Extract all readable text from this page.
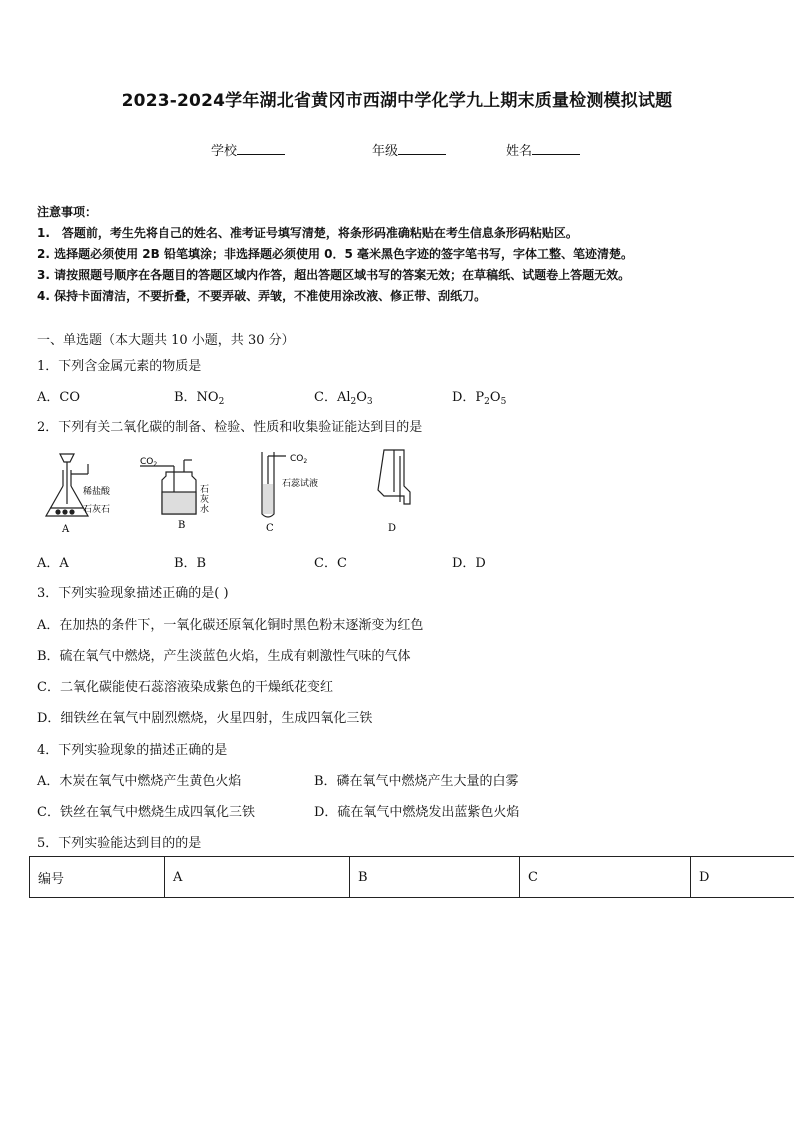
2023-2024学年湖北省黄冈市西湖中学化学九上期末质量检测模拟试题
学校	年级	姓名
注意事项：
1.　答题前，考生先将自己的姓名、准考证号填写清楚，将条形码准确粘贴在考生信息条形码粘贴区。
2. 选择题必须使用 2B 铅笔填涂；非选择题必须使用 0．5 毫米黑色字迹的签字笔书写，字体工整、笔迹清楚。
3. 请按照题号顺序在各题目的答题区域内作答，超出答题区域书写的答案无效；在草稿纸、试题卷上答题无效。
4. 保持卡面清洁，不要折叠，不要弄破、弄皱，不准使用涂改液、修正带、刮纸刀。
一、单选题（本大题共 10 小题，共 30 分）
1．下列含金属元素的物质是
A．CO	B．$NO_2$	C．$Al_2O_3$	D．$P_2O_5$
2．下列有关二氧化碳的制备、检验、性质和收集验证能达到目的是
稀盐酸
石灰石
A
$CO_2$
石
灰
水
B
$CO_2$
石蕊试液
C	D
A．A	B．B	C．C	D．D
3．下列实验现象描述正确的是( )
A．在加热的条件下，一氧化碳还原氧化铜时黑色粉末逐渐变为红色
B．硫在氧气中燃烧，产生淡蓝色火焰，生成有刺激性气味的气体
C．二氧化碳能使石蕊溶液染成紫色的干燥纸花变红
D．细铁丝在氧气中剧烈燃烧，火星四射，生成四氧化三铁
4．下列实验现象的描述正确的是
A．木炭在氧气中燃烧产生黄色火焰	B．磷在氧气中燃烧产生大量的白雾
C．铁丝在氧气中燃烧生成四氧化三铁	D．硫在氧气中燃烧发出蓝紫色火焰
5．下列实验能达到目的的是
编号	A	B	C	D
